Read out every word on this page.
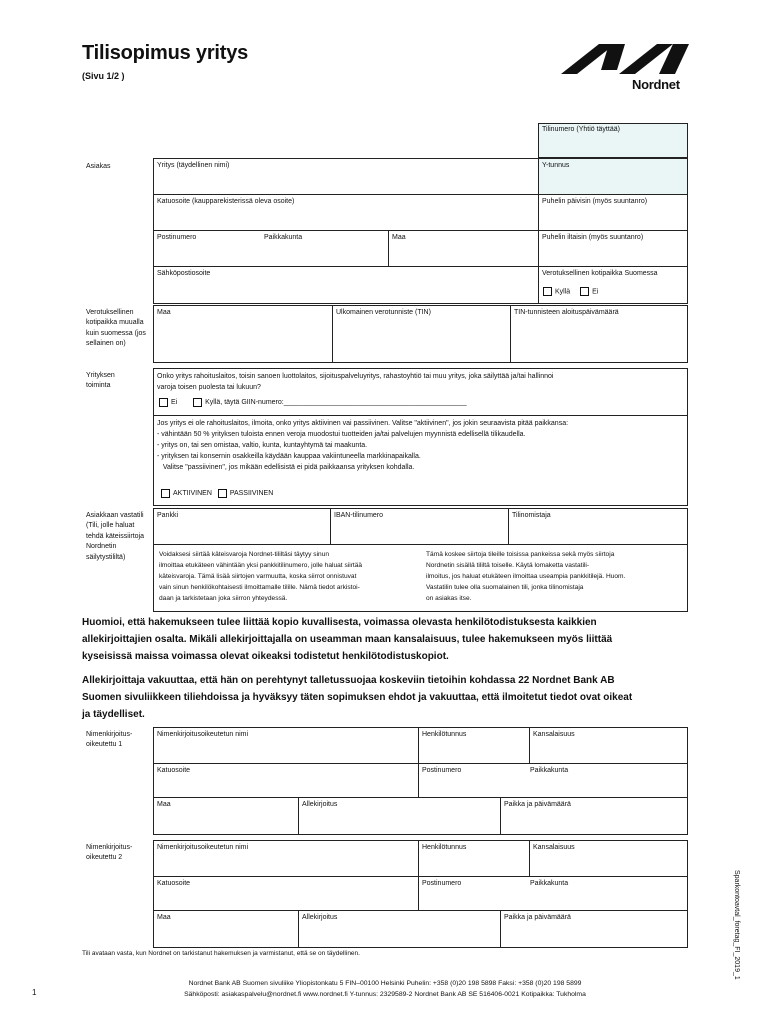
Tilisopimus yritys
(Sivu 1/2 )
Nordnet
Tilinumero (Yhtiö täyttää)
Asiakas	Yritys (täydellinen nimi)	Y-tunnus
Katuosoite (kaupparekisterissä oleva osoite)	Puhelin päivisin (myös suuntanro)
Postinumero	Paikkakunta	Maa	Puhelin iltaisin (myös suuntanro)
Sähköpostiosoite	Verotuksellinen kotipaikka Suomessa
Kyllä	Ei
Verotuksellinen kotipaikka muualla kuin suomessa (jos sellainen on)
Maa	Ulkomainen verotunniste (TIN)	TIN-tunnisteen aloituspäivämäärä
Yrityksen toiminta
Onko yritys rahoituslaitos, toisin sanoen luottolaitos, sijoituspalveluyritys, rahastoyhtiö tai muu yritys, joka säilyttää ja/tai hallinnoi varoja toisen puolesta tai lukuun?
Ei	Kyllä, täytä GIIN-numero:_______________________________________________
Jos yritys ei ole rahoituslaitos, ilmoita, onko yritys aktiivinen vai passiivinen. Valitse "aktiivinen", jos jokin seuraavista pitää paikkansa:
- vähintään 50 % yrityksen tuloista ennen veroja muodostui tuotteiden ja/tai palvelujen myynnistä edellisellä tilikaudella.
- yritys on, tai sen omistaa, valtio, kunta, kuntayhtymä tai maakunta.
- yrityksen tai konsernin osakkeilla käydään kauppaa vakiintuneella markkinapaikalla.
Valitse "passiivinen", jos mikään edellisistä ei pidä paikkaansa yrityksen kohdalla.
AKTIIVINEN	PASSIIVINEN
Asiakkaan vastatili (Tili, jolle haluat tehdä käteissiirtoja Nordnetin säilytystililtä)
Pankki	IBAN-tilinumero	Tilinomistaja
Voidaksesi siirtää käteisvaroja Nordnet-tililtäsi täytyy sinun
ilmoittaa etukäteen vähintään yksi pankkitilinumero, jolle haluat siirtää
käteisvaroja. Tämä lisää siirtojen varmuutta, koska siirrot onnistuvat
vain sinun henkilökohtaisesti ilmoittamalle tilille. Nämä tiedot arkistoi-
daan ja tarkistetaan joka siirron yhteydessä.
Tämä koskee siirtoja tileille toisissa pankeissa sekä myös siirtoja
Nordnetin sisällä tililtä toiselle. Käytä lomaketta vastatili-
ilmoitus, jos haluat etukäteen ilmoittaa useampia pankkitilejä. Huom.
Vastatilin tulee olla suomalainen tili, jonka tilinomistaja
on asiakas itse.
Huomioi, että hakemukseen tulee liittää kopio kuvallisesta, voimassa olevasta henkilötodistuksesta kaikkien
allekirjoittajien osalta. Mikäli allekirjoittajalla on useamman maan kansalaisuus, tulee hakemukseen myös liittää
kyseisissä maissa voimassa olevat oikeaksi todistetut henkilötodistuskopiot.
Allekirjoittaja vakuuttaa, että hän on perehtynyt talletussuojaa koskeviin tietoihin kohdassa 22 Nordnet Bank AB
Suomen sivuliikkeen tiliehdoissa ja hyväksyy täten sopimuksen ehdot ja vakuuttaa, että ilmoitetut tiedot ovat oikeat
ja täydelliset.
Nimenkirjoitus- oikeutettu 1
Nimenkirjoitusoikeutetun nimi	Henkilötunnus	Kansalaisuus
Katuosoite	Postinumero	Paikkakunta
Maa	Allekirjoitus	Paikka ja päivämäärä
Nimenkirjoitus- oikeutettu 2
Nimenkirjoitusoikeutetun nimi	Henkilötunnus	Kansalaisuus
Katuosoite	Postinumero	Paikkakunta
Maa	Allekirjoitus	Paikka ja päivämäärä
Tili avataan vasta, kun Nordnet on tarkistanut hakemuksen ja varmistanut, että se on täydellinen.
Nordnet Bank AB Suomen sivuliike Yliopistonkatu 5 FIN–00100 Helsinki Puhelin: +358 (0)20 198 5898 Faksi: +358 (0)20 198 5899
Sähköposti: asiakaspalvelu@nordnet.fi www.nordnet.fi Y-tunnus: 2329589-2 Nordnet Bank AB SE 516406-0021 Kotipaikka: Tukholma
1
Sparkontoavtal_foretag_FI_2019_1
